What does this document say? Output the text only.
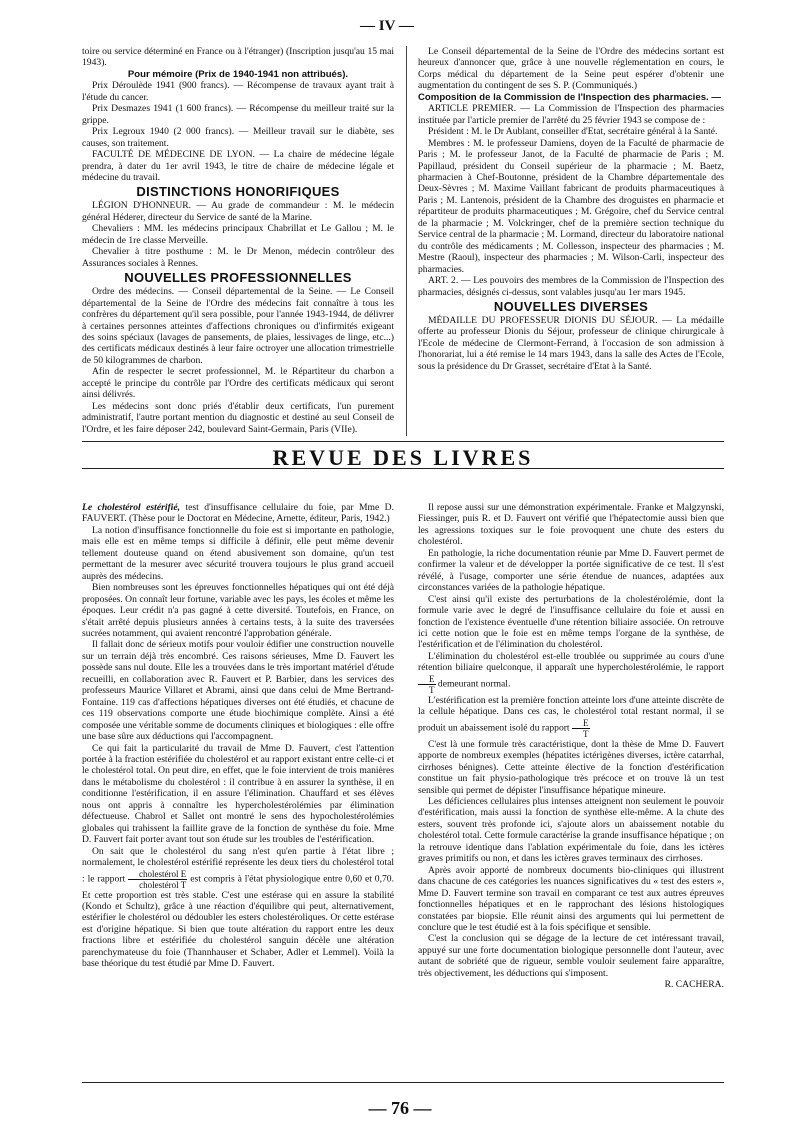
— IV —

toire ou service déterminé en France ou à l'étranger) (Inscription jusqu'au 15 mai 1943).

Pour mémoire (Prix de 1940-1941 non attribués).

Prix Déroulède 1941 (900 francs). — Récompense de travaux ayant trait à l'étude du cancer.

Prix Desmazes 1941 (1 600 francs). — Récompense du meilleur traité sur la grippe.

Prix Legroux 1940 (2 000 francs). — Meilleur travail sur le diabète, ses causes, son traitement.

FACULTÉ DE MÉDECINE DE LYON. — La chaire de médecine légale prendra, à dater du 1er avril 1943, le titre de chaire de médecine légale et médecine du travail.

DISTINCTIONS HONORIFIQUES

LÉGION D'HONNEUR. — Au grade de commandeur : M. le médecin général Héderer, directeur du Service de santé de la Marine.

Chevaliers : MM. les médecins principaux Chabrillat et Le Gallou ; M. le médecin de 1re classe Merveille.

Chevalier à titre posthume : M. le Dr Menon, médecin contrôleur des Assurances sociales à Rennes.

NOUVELLES PROFESSIONNELLES

Ordre des médecins. — Conseil départemental de la Seine. — Le Conseil départemental de la Seine de l'Ordre des médecins fait connaître à tous les confrères du département qu'il sera possible, pour l'année 1943-1944, de délivrer à certaines personnes atteintes d'affections chroniques ou d'infirmités exigeant des soins spéciaux (lavages de pansements, de plaies, lessivages de linge, etc...) des certificats médicaux destinés à leur faire octroyer une allocation trimestrielle de 50 kilogrammes de charbon.

Afin de respecter le secret professionnel, M. le Répartiteur du charbon a accepté le principe du contrôle par l'Ordre des certificats médicaux qui seront ainsi délivrés.

Les médecins sont donc priés d'établir deux certificats, l'un purement administratif, l'autre portant mention du diagnostic et destiné au seul Conseil de l'Ordre, et les faire déposer 242, boulevard Saint-Germain, Paris (VIIe).

Le Conseil départemental de la Seine de l'Ordre des médecins sortant est heureux d'annoncer que, grâce à une nouvelle réglementation en cours, le Corps médical du département de la Seine peut espérer d'obtenir une augmentation du contingent de ses S. P. (Communiqués.)

Composition de la Commission de l'Inspection des pharmacies. —

ARTICLE PREMIER. — La Commission de l'Inspection des pharmacies instituée par l'article premier de l'arrêté du 25 février 1943 se compose de :

Président : M. le Dr Aublant, conseiller d'Etat, secrétaire général à la Santé.

Membres : M. le professeur Damiens, doyen de la Faculté de pharmacie de Paris ; M. le professeur Janot, de la Faculté de pharmacie de Paris ; M. Papillaud, président du Conseil supérieur de la pharmacie ; M. Baetz, pharmacien à Chef-Boutonne, président de la Chambre départementale des Deux-Sèvres ; M. Maxime Vaillant fabricant de produits pharmaceutiques à Paris ; M. Lantenois, président de la Chambre des droguistes en pharmacie et répartiteur de produits pharmaceutiques ; M. Grégoire, chef du Service central de la pharmacie ; M. Volckringer, chef de la première section technique du Service central de la pharmacie ; M. Lormand, directeur du laboratoire national du contrôle des médicaments ; M. Collesson, inspecteur des pharmacies ; M. Mestre (Raoul), inspecteur des pharmacies ; M. Wilson-Carli, inspecteur des pharmacies.

ART. 2. — Les pouvoirs des membres de la Commission de l'Inspection des pharmacies, désignés ci-dessus, sont valables jusqu'au 1er mars 1945.

NOUVELLES DIVERSES

MÉDAILLE DU PROFESSEUR DIONIS DU SÉJOUR. — La médaille offerte au professeur Dionis du Séjour, professeur de clinique chirurgicale à l'Ecole de médecine de Clermont-Ferrand, à l'occasion de son admission à l'honorariat, lui a été remise le 14 mars 1943, dans la salle des Actes de l'Ecole, sous la présidence du Dr Grasset, secrétaire d'Etat à la Santé.

REVUE DES LIVRES

Le cholestérol estérifié, test d'insuffisance cellulaire du foie, par Mme D. FAUVERT. (Thèse pour le Doctorat en Médecine, Arnette, éditeur, Paris, 1942.)

La notion d'insuffisance fonctionnelle du foie est si importante en pathologie, mais elle est en même temps si difficile à définir, elle peut même devenir tellement douteuse quand on étend abusivement son domaine, qu'un test permettant de la mesurer avec sécurité trouvera toujours le plus grand accueil auprès des médecins.

Bien nombreuses sont les épreuves fonctionnelles hépatiques qui ont été déjà proposées. On connaît leur fortune, variable avec les pays, les écoles et même les époques. Leur crédit n'a pas gagné à cette diversité. Toutefois, en France, on s'était arrêté depuis plusieurs années à certains tests, à la suite des traversées sucrées notamment, qui avaient rencontré l'approbation générale.

Il fallait donc de sérieux motifs pour vouloir édifier une construction nouvelle sur un terrain déjà très encombré. Ces raisons sérieuses, Mme D. Fauvert les possède sans nul doute. Elle les a trouvées dans le très important matériel d'étude recueilli, en collaboration avec R. Fauvert et P. Barbier, dans les services des professeurs Maurice Villaret et Abrami, ainsi que dans celui de Mme Bertrand-Fontaine. 119 cas d'affections hépatiques diverses ont été étudiés, et chacune de ces 119 observations comporte une étude biochimique complète. Ainsi a été composée une véritable somme de documents cliniques et biologiques : elle offre une base sûre aux déductions qui l'accompagnent.

Ce qui fait la particularité du travail de Mme D. Fauvert, c'est l'attention portée à la fraction estérifiée du cholestérol et au rapport existant entre celle-ci et le cholestérol total. On peut dire, en effet, que le foie intervient de trois manières dans le métabolisme du cholestérol : il contribue à en assurer la synthèse, il en conditionne l'estérification, il en assure l'élimination. Chauffard et ses élèves nous ont appris à connaître les hypercholestérolémies par élimination défectueuse. Chabrol et Sallet ont montré le sens des hypocholestérolémies globales qui trahissent la faillite grave de la fonction de synthèse du foie. Mme D. Fauvert fait porter avant tout son étude sur les troubles de l'estérification.

On sait que le cholestérol du sang n'est qu'en partie à l'état libre ; normalement, le cholestérol estérifié représente les deux tiers du cholestérol total : le rapport $\frac{\text{cholestérol E}}{\text{cholestérol T}}$ est compris à l'état physiologique entre 0,60 et 0,70. Et cette proportion est très stable. C'est une estérase qui en assure la stabilité (Kondo et Schultz), grâce à une réaction d'équilibre qui peut, alternativement, estérifier le cholestérol ou dédoubler les esters cholestéroliques. Or cette estérase est d'origine hépatique. Si bien que toute altération du rapport entre les deux fractions libre et estérifiée du cholestérol sanguin décèle une altération parenchymateuse du foie (Thannhauser et Schaber, Adler et Lemmel). Voilà la base théorique du test étudié par Mme D. Fauvert.

Il repose aussi sur une démonstration expérimentale. Franke et Malgzynski, Fiessinger, puis R. et D. Fauvert ont vérifié que l'hépatectomie aussi bien que les agressions toxiques sur le foie provoquent une chute des esters du cholestérol.

En pathologie, la riche documentation réunie par Mme D. Fauvert permet de confirmer la valeur et de développer la portée significative de ce test. Il s'est révélé, à l'usage, comporter une série étendue de nuances, adaptées aux circonstances variées de la pathologie hépatique.

C'est ainsi qu'il existe des perturbations de la cholestérolémie, dont la formule varie avec le degré de l'insuffisance cellulaire du foie et aussi en fonction de l'existence éventuelle d'une rétention biliaire associée. On retrouve ici cette notion que le foie est en même temps l'organe de la synthèse, de l'estérification et de l'élimination du cholestérol.

L'élimination du cholestérol est-elle troublée ou supprimée au cours d'une rétention biliaire quelconque, il apparaît une hypercholestérolémie, le rapport
$\frac{E}{T}$ demeurant normal.

L'estérification est la première fonction atteinte lors d'une atteinte discrète de la cellule hépatique. Dans ces cas, le cholestérol total restant normal, il se produit un abaissement isolé du rapport $\frac{E}{T}$

C'est là une formule très caractéristique, dont la thèse de Mme D. Fauvert apporte de nombreux exemples (hépatites ictérigènes diverses, ictère catarrhal, cirrhoses bénignes). Cette atteinte élective de la fonction d'estérification constitue un fait physio-pathologique très précoce et on trouve là un test sensible qui permet de dépister l'insuffisance hépatique mineure.

Les déficiences cellulaires plus intenses atteignent non seulement le pouvoir d'estérification, mais aussi la fonction de synthèse elle-même. A la chute des esters, souvent très profonde ici, s'ajoute alors un abaissement notable du cholestérol total. Cette formule caractérise la grande insuffisance hépatique ; on la retrouve identique dans l'ablation expérimentale du foie, dans les ictères graves primitifs ou non, et dans les ictères graves terminaux des cirrhoses.

Après avoir apporté de nombreux documents bio-cliniques qui illustrent dans chacune de ces catégories les nuances significatives du « test des esters », Mme D. Fauvert termine son travail en comparant ce test aux autres épreuves fonctionnelles hépatiques et en le rapprochant des lésions histologiques constatées par biopsie. Elle réunit ainsi des arguments qui lui permettent de conclure que le test étudié est à la fois spécifique et sensible.

C'est la conclusion qui se dégage de la lecture de cet intéressant travail, appuyé sur une forte documentation biologique personnelle dont l'auteur, avec autant de sobriété que de rigueur, semble vouloir seulement faire apparaître, très objectivement, les déductions qui s'imposent.

R. CACHERA.
— 76 —
